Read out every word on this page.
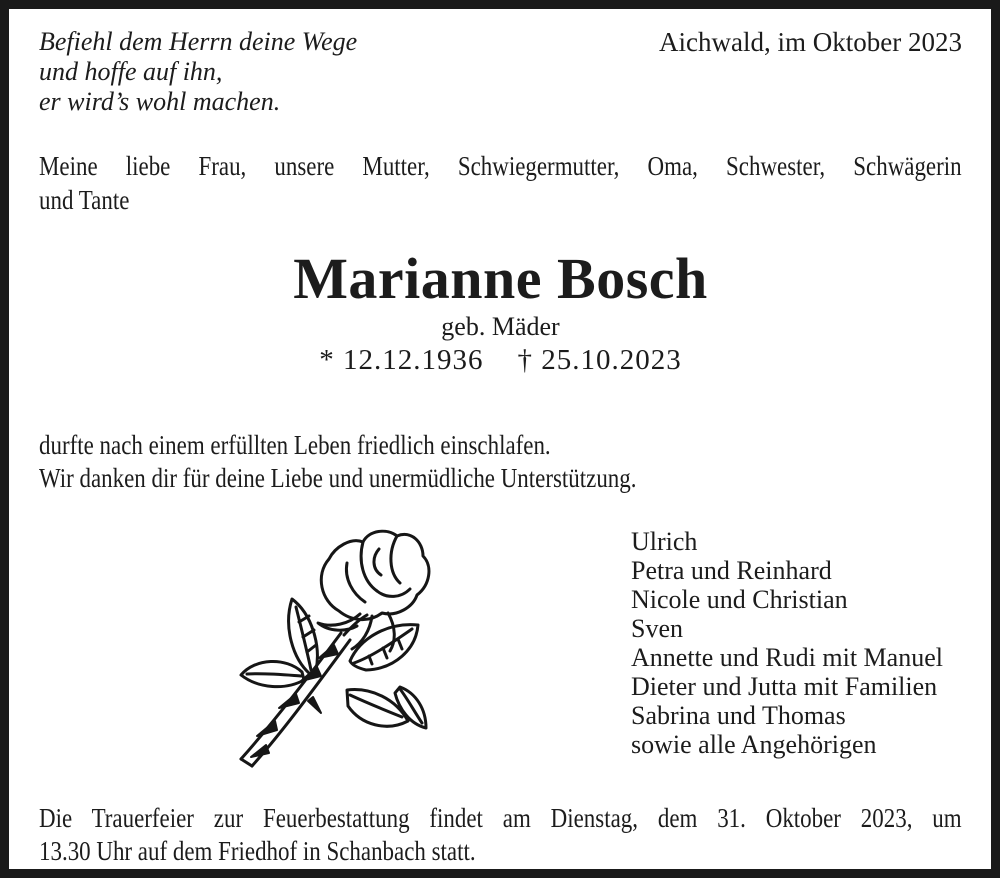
Befiehl dem Herrn deine Wege
und hoffe auf ihn,
er wird’s wohl machen.
Aichwald, im Oktober 2023
Meine liebe Frau, unsere Mutter, Schwiegermutter, Oma, Schwester, Schwägerin
und Tante
Marianne Bosch
geb. Mäder
* 12.12.1936 † 25.10.2023
durfte nach einem erfüllten Leben friedlich einschlafen.
Wir danken dir für deine Liebe und unermüdliche Unterstützung.
Ulrich
Petra und Reinhard
Nicole und Christian
Sven
Annette und Rudi mit Manuel
Dieter und Jutta mit Familien
Sabrina und Thomas
sowie alle Angehörigen
Die Trauerfeier zur Feuerbestattung findet am Dienstag, dem 31. Oktober 2023, um
13.30 Uhr auf dem Friedhof in Schanbach statt.
